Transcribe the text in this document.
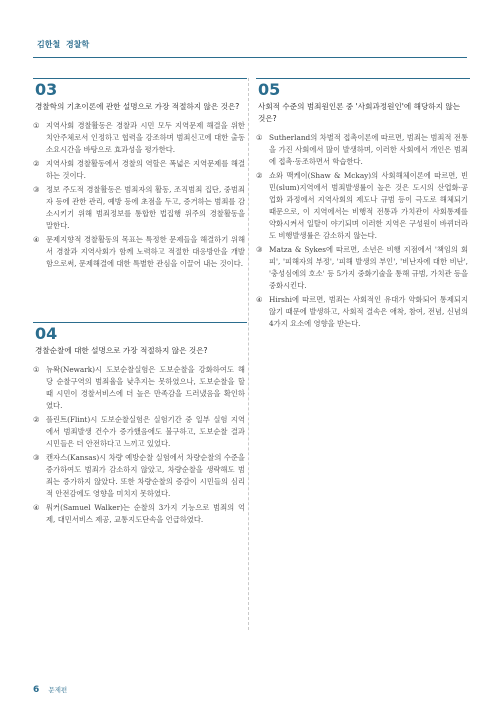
김한철 경찰학
03
경찰학의 기초이론에 관한 설명으로 가장 적절하지 않은 것은?
① 지역사회 경찰활동은 경찰과 시민 모두 지역문제 해결을 위한 치안주체로서 인정하고 협력을 강조하며 범죄신고에 대한 출동소요시간을 바탕으로 효과성을 평가한다.
② 지역사회 경찰활동에서 경찰의 역할은 폭넓은 지역문제를 해결하는 것이다.
③ 정보 주도적 경찰활동은 범죄자의 활동, 조직범죄 집단, 중범죄자 등에 관한 관리, 예방 등에 초점을 두고, 증거하는 범죄를 감소시키기 위해 범죄정보를 통합한 법집행 위주의 경찰활동을 말한다.
④ 문제지향적 경찰활동의 목표는 특정한 문제들을 해결하기 위해서 경찰과 지역사회가 함께 노력하고 적절한 대응방안을 개발함으로써, 문제해결에 대한 특별한 관심을 이끌어 내는 것이다.
04
경찰순찰에 대한 설명으로 가장 적절하지 않은 것은?
① 뉴왁(Newark)시 도보순찰실험은 도보순찰을 강화하여도 해당 순찰구역의 범죄율을 낮추지는 못하였으나, 도보순찰을 할 때 시민이 경찰서비스에 더 높은 만족감을 드러냈음을 확인하였다.
② 플린트(Flint)시 도보순찰실험은 실험기간 중 일부 실험 지역에서 범죄발생 건수가 증가했음에도 불구하고, 도보순찰 결과 시민들은 더 안전하다고 느끼고 있었다.
③ 캔자스(Kansas)시 차량 예방순찰 실험에서 차량순찰의 수준을 증가하여도 범죄가 감소하지 않았고, 차량순찰을 생략해도 범죄는 증가하지 않았다. 또한 차량순찰의 증감이 시민들의 심리적 안전감에도 영향을 미치지 못하였다.
④ 워커(Samuel Walker)는 순찰의 3가지 기능으로 범죄의 억제, 대민서비스 제공, 교통지도단속을 언급하였다.
05
사회적 수준의 범죄원인론 중 '사회과정원인'에 해당하지 않는 것은?
① Sutherland의 차별적 접촉이론에 따르면, 범죄는 범죄적 전통을 가진 사회에서 많이 발생하며, 이러한 사회에서 개인은 범죄에 접촉·동조하면서 학습한다.
② 쇼와 맥케이(Shaw & Mckay)의 사회해체이론에 따르면, 빈민(slum)지역에서 범죄발생률이 높은 것은 도시의 산업화·공업화 과정에서 지역사회의 제도나 규범 등이 극도로 해체되기 때문으로, 이 지역에서는 비행적 전통과 가치관이 사회통제를 약화시켜서 일탈이 야기되며 이러한 지역은 구성원이 바뀌더라도 비행발생률은 감소하지 않는다.
③ Matza & Sykes에 따르면, 소년은 비행 지점에서 '책임의 회피', '피해자의 부정', '피해 발생의 부인', '비난자에 대한 비난', '충성심에의 호소' 등 5가지 중화기술을 통해 규범, 가치관 등을 중화시킨다.
④ Hirshi에 따르면, 범죄는 사회적인 유대가 약화되어 통제되지 않기 때문에 발생하고, 사회적 결속은 애착, 참여, 전념, 신념의 4가지 요소에 영향을 받는다.
6 문제편
